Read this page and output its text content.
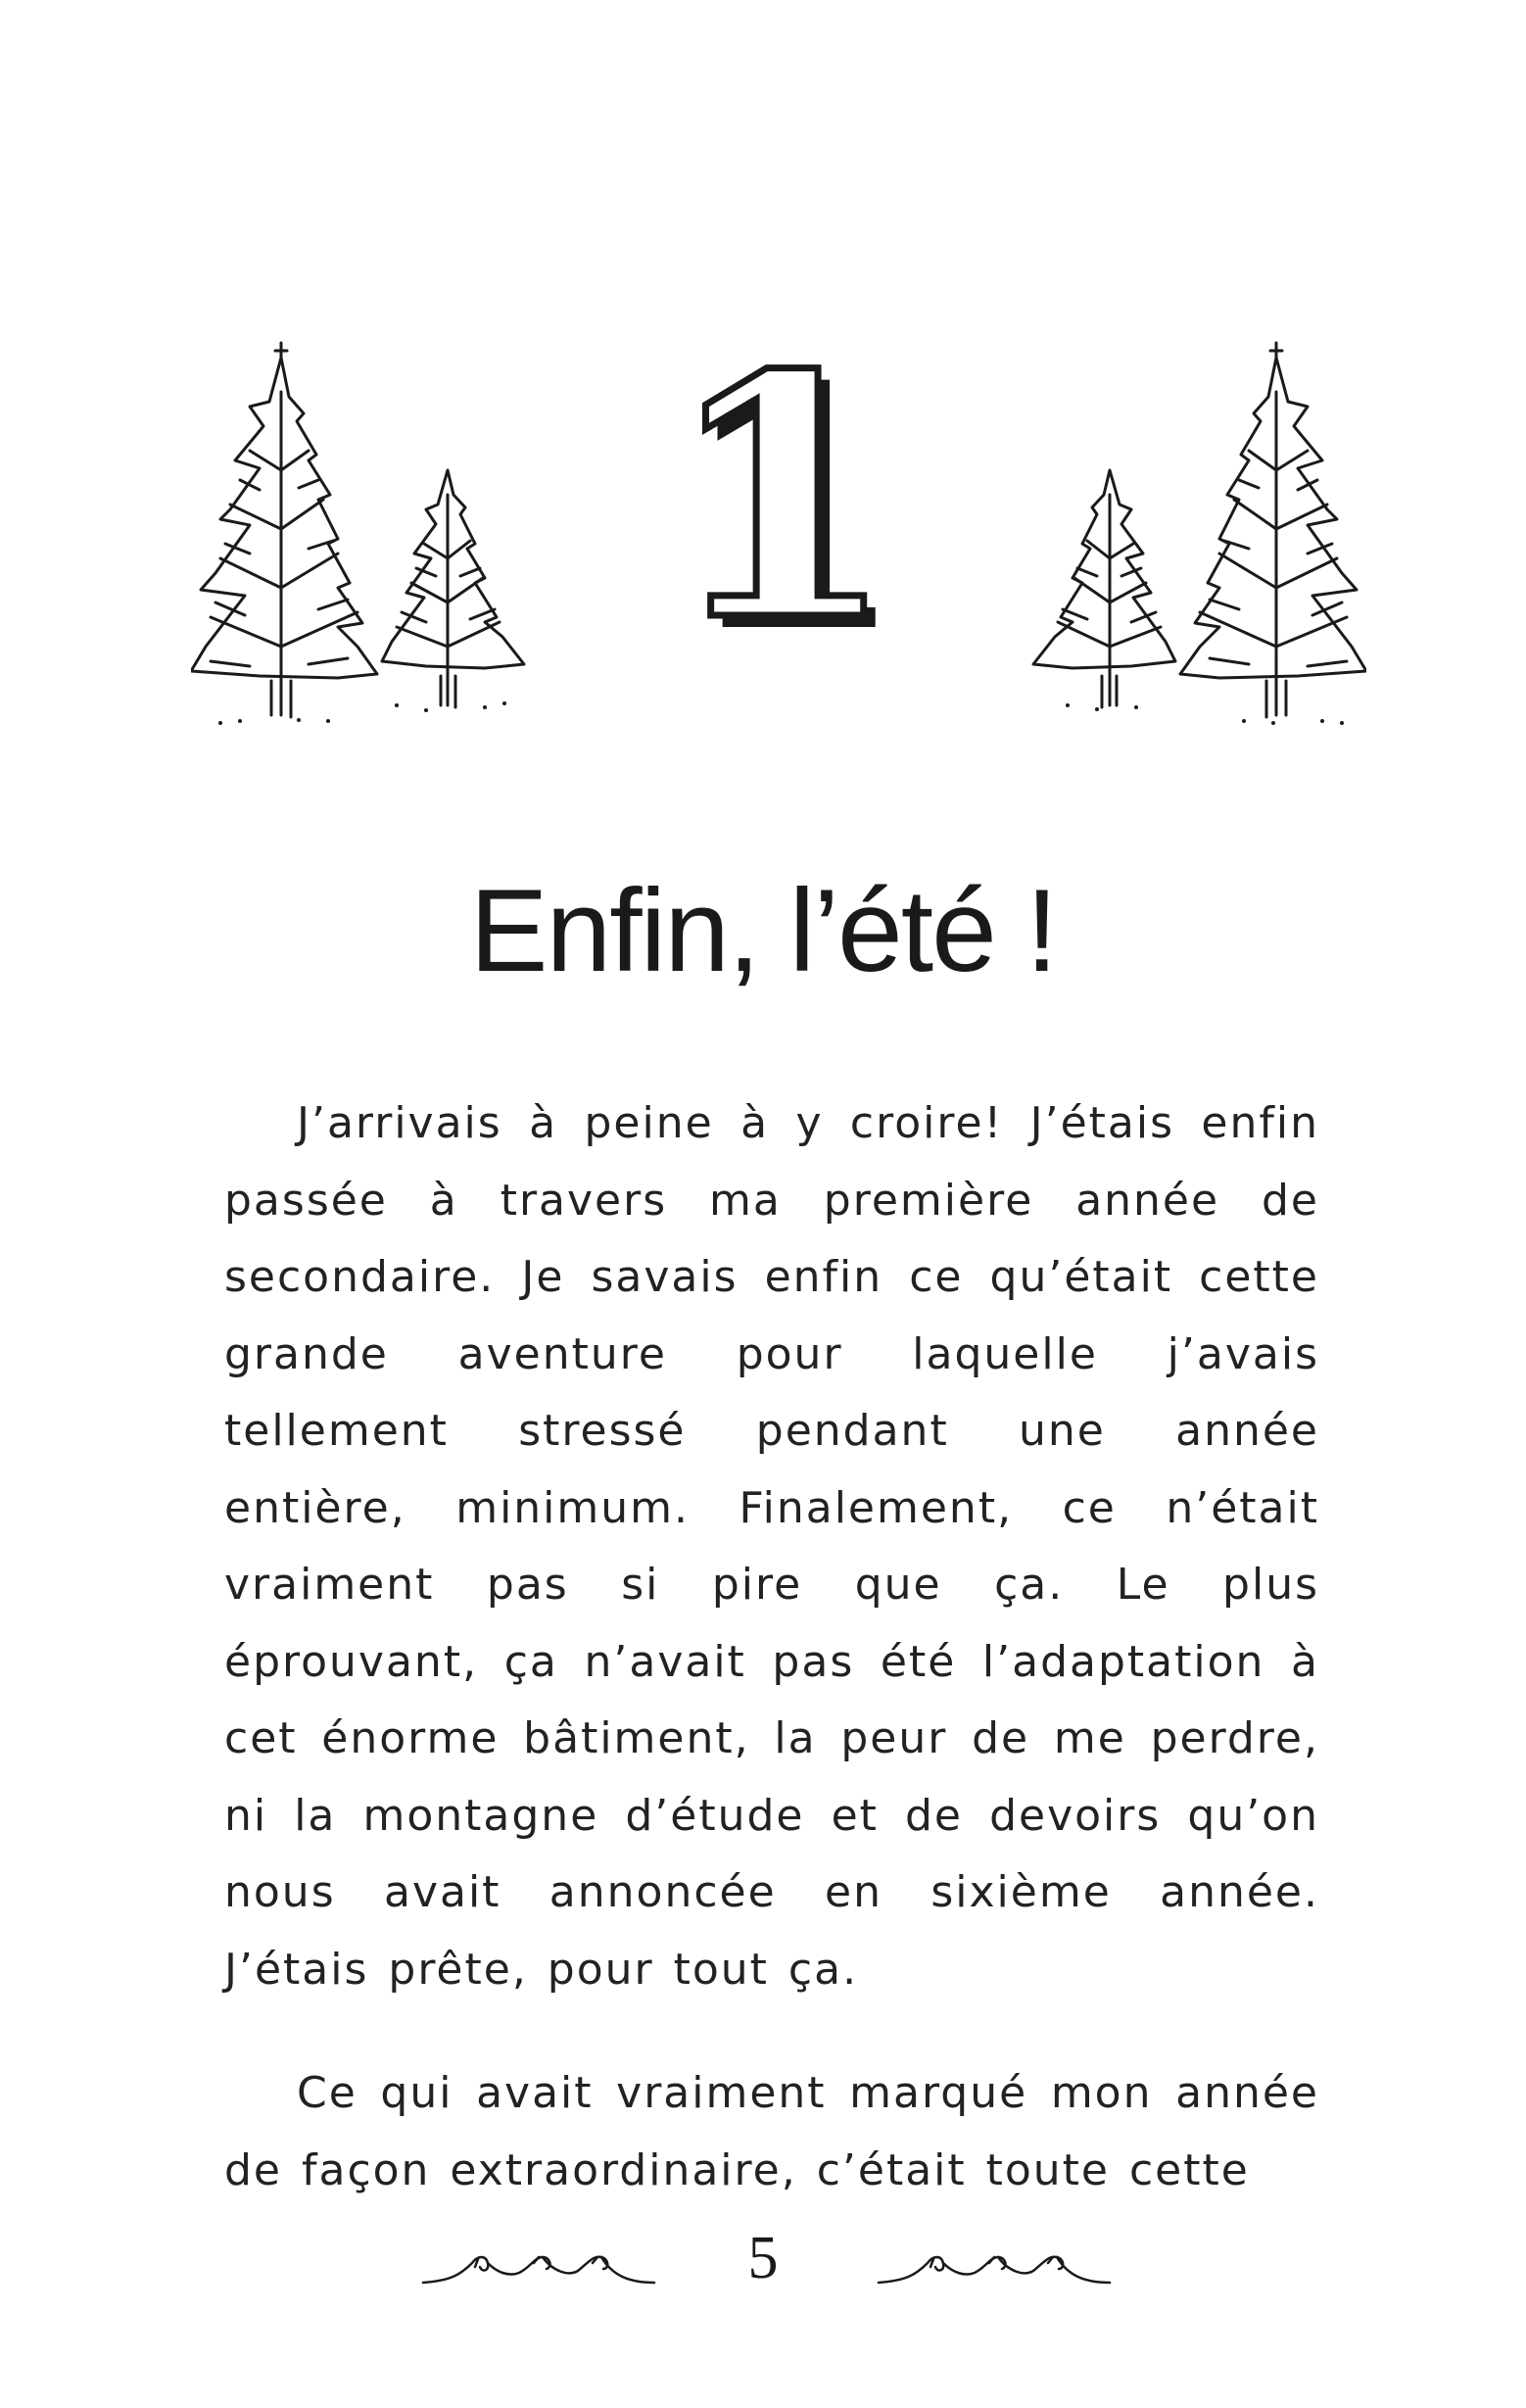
1
Enfin, l’été !

J’arrivais à peine à y croire! J’étais enfin passée à travers ma première année de secondaire. Je savais enfin ce qu’était cette grande aventure pour laquelle j’avais tellement stressé pendant une année entière, minimum. Finalement, ce n’était vraiment pas si pire que ça. Le plus éprouvant, ça n’avait pas été l’adaptation à cet énorme bâtiment, la peur de me perdre, ni la montagne d’étude et de devoirs qu’on nous avait annoncée en sixième année. J’étais prête, pour tout ça.

Ce qui avait vraiment marqué mon année de façon extraordinaire, c’était toute cette

5
